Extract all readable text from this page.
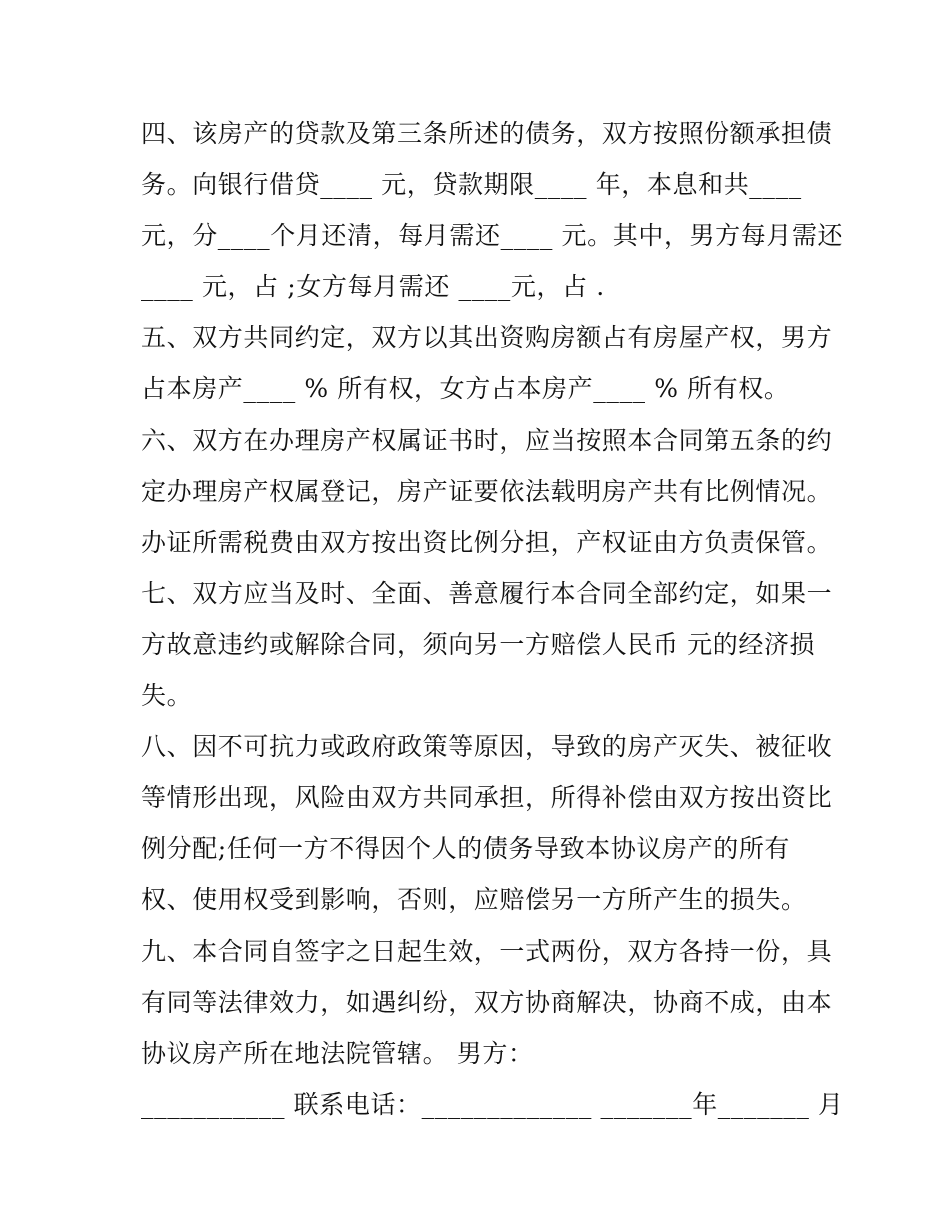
四、该房产的贷款及第三条所述的债务，双方按照份额承担债
务。向银行借贷____ 元，贷款期限____ 年，本息和共____
元，分____个月还清，每月需还____ 元。其中，男方每月需还
____ 元，占 ;女方每月需还 ____元，占 .
五、双方共同约定，双方以其出资购房额占有房屋产权，男方
占本房产____ % 所有权，女方占本房产____ % 所有权。
六、双方在办理房产权属证书时，应当按照本合同第五条的约
定办理房产权属登记，房产证要依法载明房产共有比例情况。
办证所需税费由双方按出资比例分担，产权证由方负责保管。
七、双方应当及时、全面、善意履行本合同全部约定，如果一
方故意违约或解除合同，须向另一方赔偿人民币 元的经济损
失。
八、因不可抗力或政府政策等原因，导致的房产灭失、被征收
等情形出现，风险由双方共同承担，所得补偿由双方按出资比
例分配;任何一方不得因个人的债务导致本协议房产的所有
权、使用权受到影响，否则，应赔偿另一方所产生的损失。
九、本合同自签字之日起生效，一式两份，双方各持一份，具
有同等法律效力，如遇纠纷，双方协商解决，协商不成，由本
协议房产所在地法院管辖。 男方：
___________ 联系电话：_____________ _______年_______ 月
